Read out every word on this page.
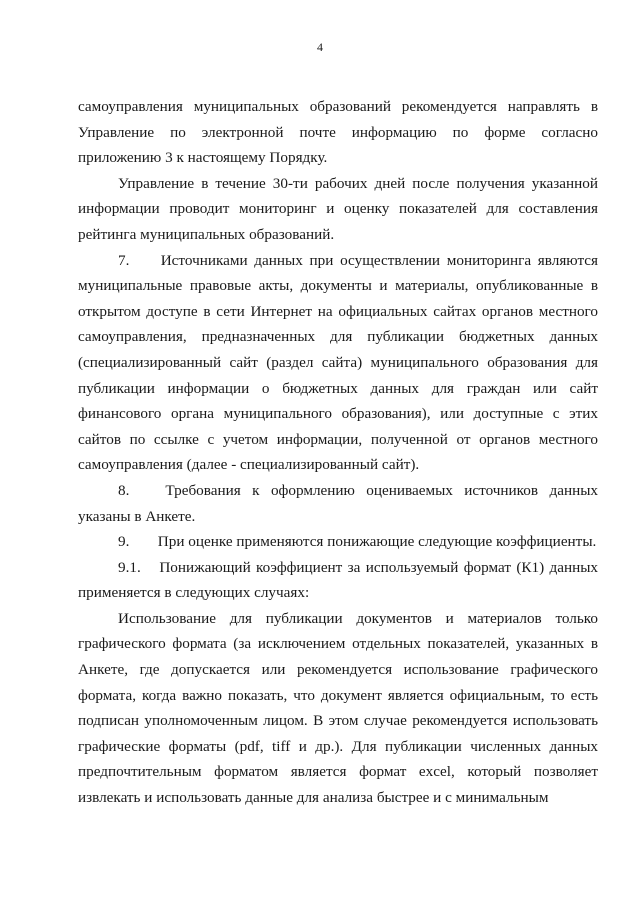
4

самоуправления муниципальных образований рекомендуется направлять в Управление по электронной почте информацию по форме согласно приложению 3 к настоящему Порядку.

Управление в течение 30-ти рабочих дней после получения указанной информации проводит мониторинг и оценку показателей для составления рейтинга муниципальных образований.

7. Источниками данных при осуществлении мониторинга являются муниципальные правовые акты, документы и материалы, опубликованные в открытом доступе в сети Интернет на официальных сайтах органов местного самоуправления, предназначенных для публикации бюджетных данных (специализированный сайт (раздел сайта) муниципального образования для публикации информации о бюджетных данных для граждан или сайт финансового органа муниципального образования), или доступные с этих сайтов по ссылке с учетом информации, полученной от органов местного самоуправления (далее - специализированный сайт).

8. Требования к оформлению оцениваемых источников данных указаны в Анкете.

9. При оценке применяются понижающие следующие коэффициенты.

9.1. Понижающий коэффициент за используемый формат (К1) данных применяется в следующих случаях:

Использование для публикации документов и материалов только графического формата (за исключением отдельных показателей, указанных в Анкете, где допускается или рекомендуется использование графического формата, когда важно показать, что документ является официальным, то есть подписан уполномоченным лицом. В этом случае рекомендуется использовать графические форматы (pdf, tiff и др.). Для публикации численных данных предпочтительным форматом является формат excel, который позволяет извлекать и использовать данные для анализа быстрее и с минимальным
